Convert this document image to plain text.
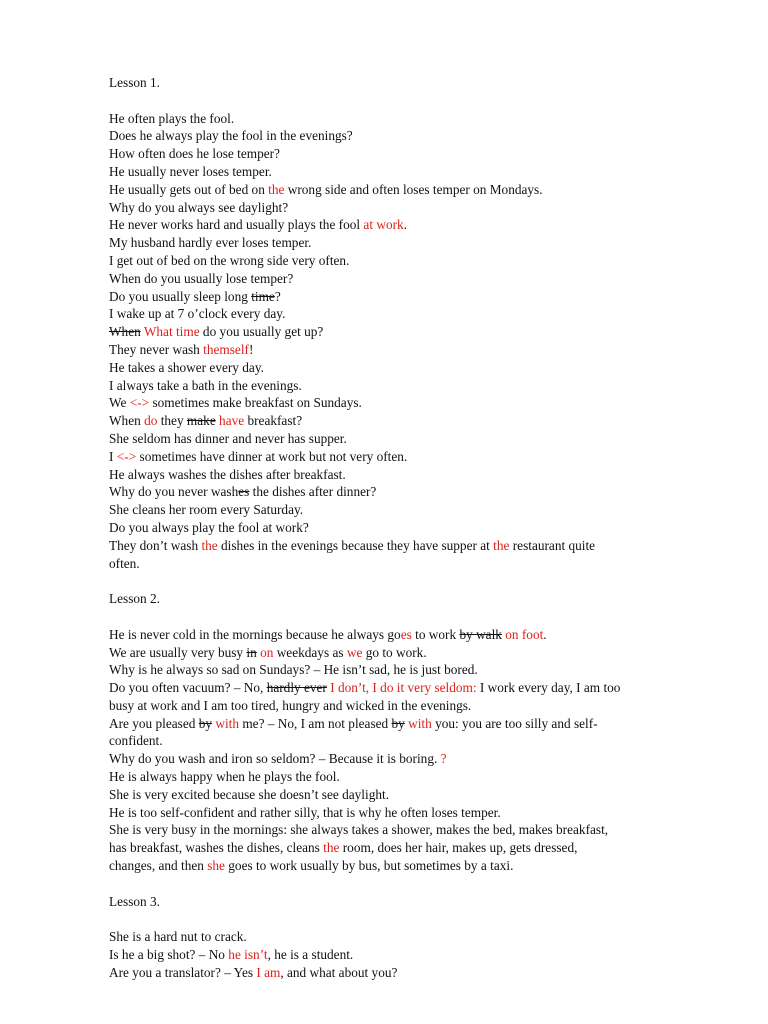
Lesson 1.
He often plays the fool.
Does he always play the fool in the evenings?
How often does he lose temper?
He usually never loses temper.
He usually gets out of bed on the wrong side and often loses temper on Mondays.
Why do you always see daylight?
He never works hard and usually plays the fool at work.
My husband hardly ever loses temper.
I get out of bed on the wrong side very often.
When do you usually lose temper?
Do you usually sleep long time?
I wake up at 7 o’clock every day.
When What time do you usually get up?
They never wash themself!
He takes a shower every day.
I always take a bath in the evenings.
We <-> sometimes make breakfast on Sundays.
When do they make have breakfast?
She seldom has dinner and never has supper.
I <-> sometimes have dinner at work but not very often.
He always washes the dishes after breakfast.
Why do you never washes the dishes after dinner?
She cleans her room every Saturday.
Do you always play the fool at work?
They don’t wash the dishes in the evenings because they have supper at the restaurant quite
often.
Lesson 2.
He is never cold in the mornings because he always goes to work by walk on foot.
We are usually very busy in on weekdays as we go to work.
Why is he always so sad on Sundays? – He isn’t sad, he is just bored.
Do you often vacuum? – No, hardly ever I don’t, I do it very seldom: I work every day, I am too
busy at work and I am too tired, hungry and wicked in the evenings.
Are you pleased by with me? – No, I am not pleased by with you: you are too silly and self-
confident.
Why do you wash and iron so seldom? – Because it is boring. ?
He is always happy when he plays the fool.
She is very excited because she doesn’t see daylight.
He is too self-confident and rather silly, that is why he often loses temper.
She is very busy in the mornings: she always takes a shower, makes the bed, makes breakfast,
has breakfast, washes the dishes, cleans the room, does her hair, makes up, gets dressed,
changes, and then she goes to work usually by bus, but sometimes by a taxi.
Lesson 3.
She is a hard nut to crack.
Is he a big shot? – No he isn’t, he is a student.
Are you a translator? – Yes I am, and what about you?
